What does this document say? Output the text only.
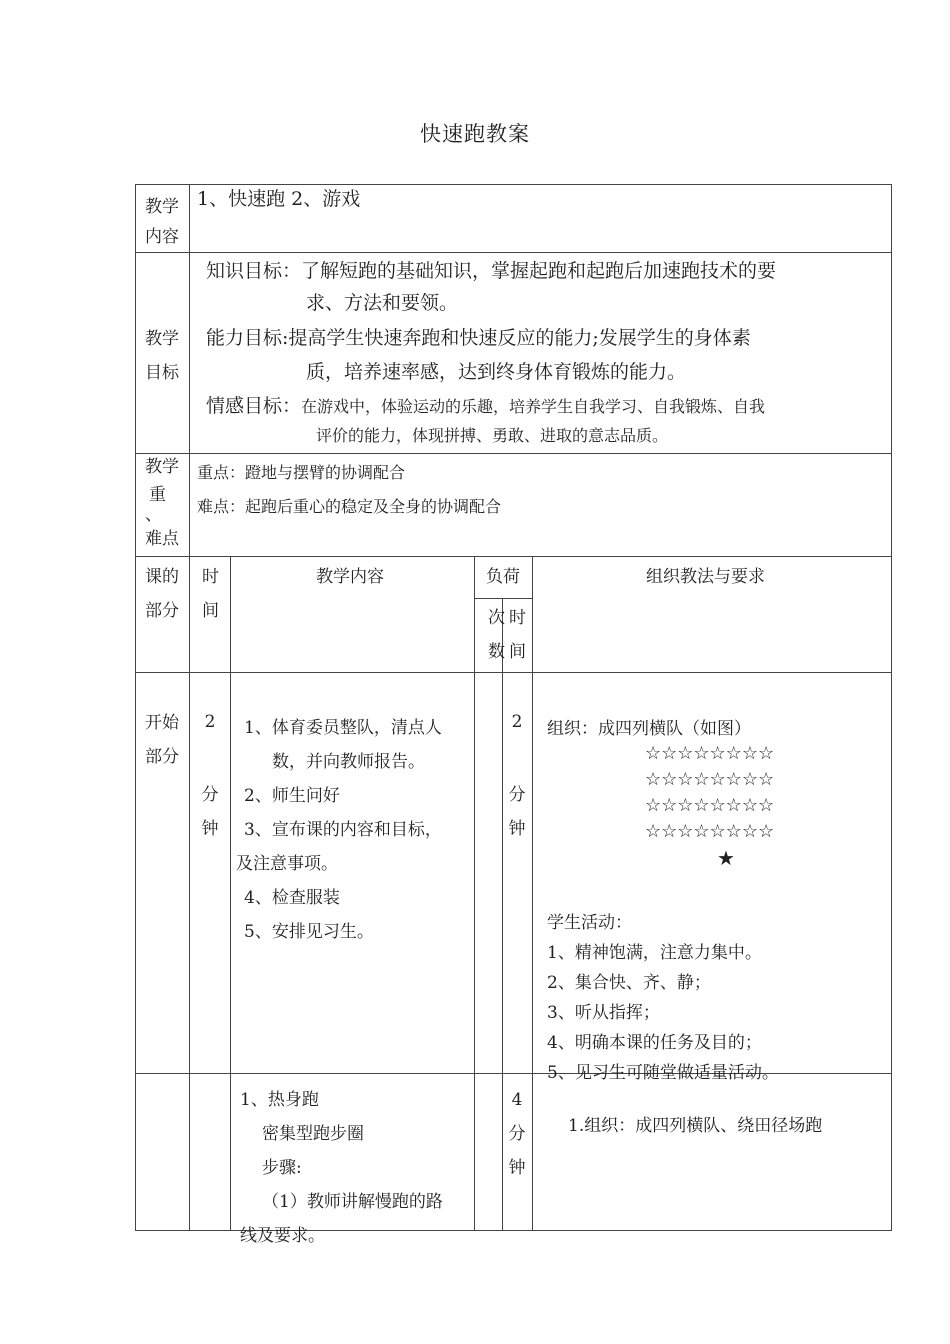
快速跑教案
教学
内容
1、快速跑 2、游戏
教学
目标
知识目标：了解短跑的基础知识，掌握起跑和起跑后加速跑技术的要
求、方法和要领。
能力目标:提高学生快速奔跑和快速反应的能力;发展学生的身体素
质，培养速率感，达到终身体育锻炼的能力。
情感目标：在游戏中，体验运动的乐趣，培养学生自我学习、自我锻炼、自我
评价的能力，体现拼搏、勇敢、进取的意志品质。
教学
重
、
难点
重点：蹬地与摆臂的协调配合
难点：起跑后重心的稳定及全身的协调配合
课的
部分
时
间
教学内容	负荷
次
数
时
间
组织教法与要求
开始
部分
2
分
钟
1、体育委员整队，清点人
数，并向教师报告。
2、师生问好
3、宣布课的内容和目标，
及注意事项。
4、检查服装
5、安排见习生。
2
分
钟
组织：成四列横队（如图）
☆☆☆☆☆☆☆☆
☆☆☆☆☆☆☆☆
☆☆☆☆☆☆☆☆
☆☆☆☆☆☆☆☆
★
学生活动：
1、精神饱满，注意力集中。
2、集合快、齐、静；
3、听从指挥；
4、明确本课的任务及目的；
5、见习生可随堂做适量活动。
1、热身跑
密集型跑步圈
步骤:
（1）教师讲解慢跑的路
线及要求。
4
分
钟
1.组织：成四列横队、绕田径场跑
